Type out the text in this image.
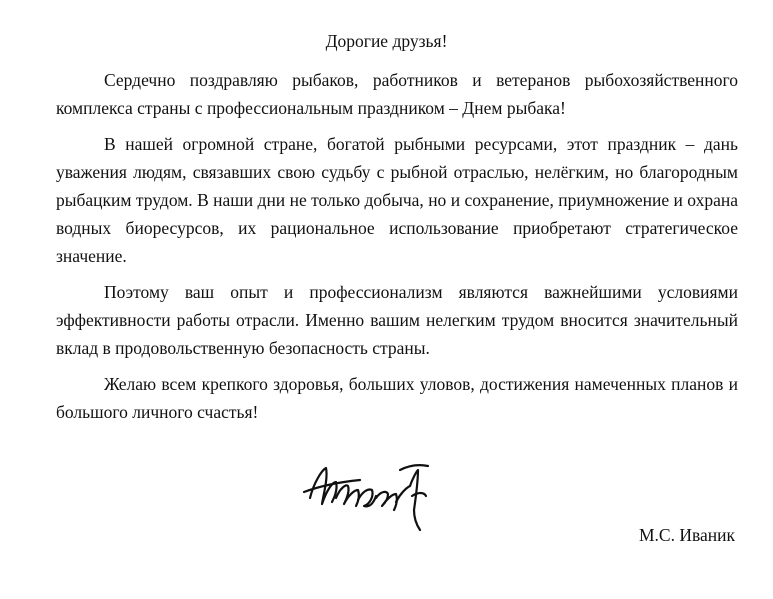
Дорогие друзья!

Сердечно поздравляю рыбаков, работников и ветеранов рыбохозяйственного комплекса страны с профессиональным праздником – Днем рыбака!

В нашей огромной стране, богатой рыбными ресурсами, этот праздник – дань уважения людям, связавших свою судьбу с рыбной отраслью, нелёгким, но благородным рыбацким трудом. В наши дни не только добыча, но и сохранение, приумножение и охрана водных биоресурсов, их рациональное использование приобретают стратегическое значение.

Поэтому ваш опыт и профессионализм являются важнейшими условиями эффективности работы отрасли. Именно вашим нелегким трудом вносится значительный вклад в продовольственную безопасность страны.

Желаю всем крепкого здоровья, больших уловов, достижения намеченных планов и большого личного счастья!

М.С. Иваник
